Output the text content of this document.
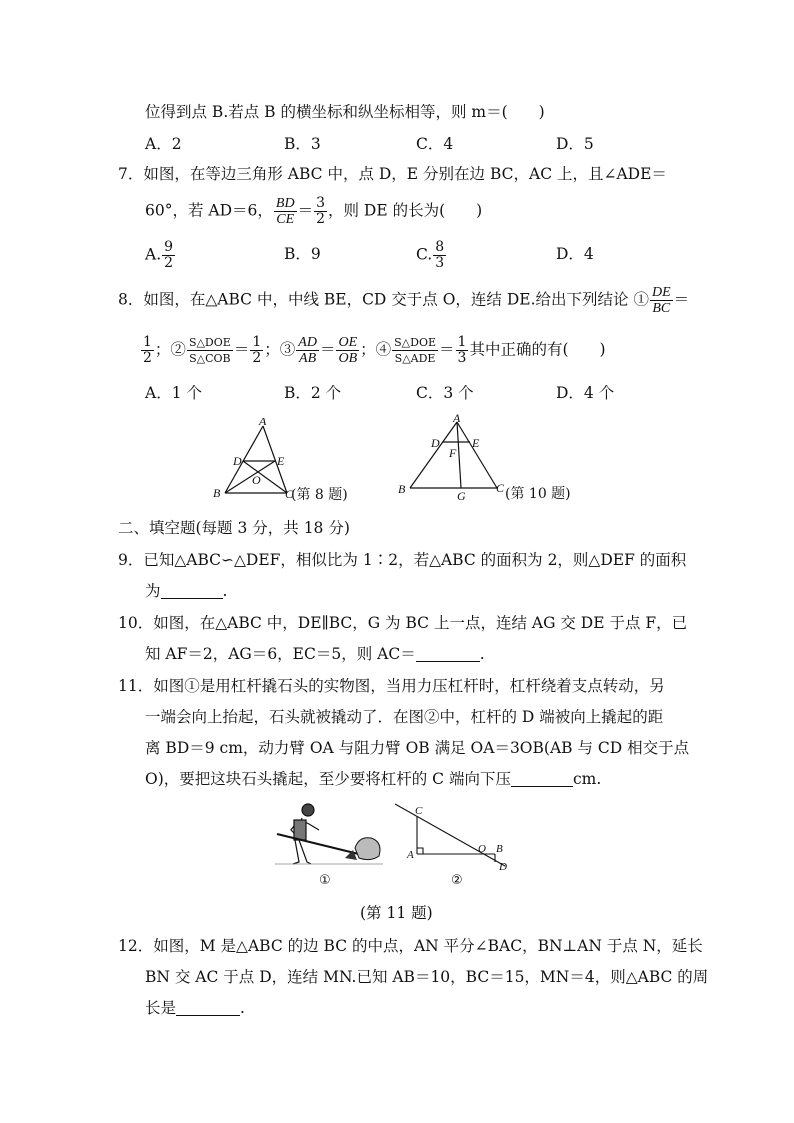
位得到点 B.若点 B 的横坐标和纵坐标相等，则 m＝(　　)
A．2	B．3	C．4	D．5
7．如图，在等边三角形 ABC 中，点 D，E 分别在边 BC，AC 上，且∠ADE＝
60°，若 AD＝6， $\frac{BD}{CE} = \frac{3}{2}$ ，则 DE 的长为(　　)
A. $\frac{9}{2}$	B．9	C. $\frac{8}{3}$	D．4
8．如图，在△ABC 中，中线 BE，CD 交于点 O，连结 DE.给出下列结论 ① $\frac{DE}{BC}$ ＝
$\frac{1}{2}$ ；② $\frac{\text{S△DOE}}{\text{S△COB}} = \frac{1}{2}$ ；③ $\frac{AD}{AB} = \frac{OE}{OB}$ ；④ $\frac{\text{S△DOE}}{\text{S△ADE}} = \frac{1}{3}$ 其中正确的有(　　)
A．1 个	B．2 个	C．3 个	D．4 个
A
B	C
D	E
O
(第 8 题)
A
B	C
D	E
F
G	(第 10 题)
二、填空题(每题 3 分，共 18 分)
9．已知△ABC∽△DEF，相似比为 1∶2，若△ABC 的面积为 2，则△DEF 的面积
为	.
10．如图，在△ABC 中，DE∥BC，G 为 BC 上一点，连结 AG 交 DE 于点 F，已
知 AF＝2，AG＝6，EC＝5，则 AC＝	.
11．如图①是用杠杆撬石头的实物图，当用力压杠杆时，杠杆绕着支点转动，另
一端会向上抬起，石头就被撬动了．在图②中，杠杆的 D 端被向上撬起的距
离 BD＝9 cm，动力臂 OA 与阻力臂 OB 满足 OA＝3OB(AB 与 CD 相交于点
O)，要把这块石头撬起，至少要将杠杆的 C 端向下压	cm.
①
C
A	O B
D
②
(第 11 题)
12．如图，M 是△ABC 的边 BC 的中点，AN 平分∠BAC，BN⊥AN 于点 N，延长
BN 交 AC 于点 D，连结 MN.已知 AB＝10，BC＝15，MN＝4，则△ABC 的周
长是	.
